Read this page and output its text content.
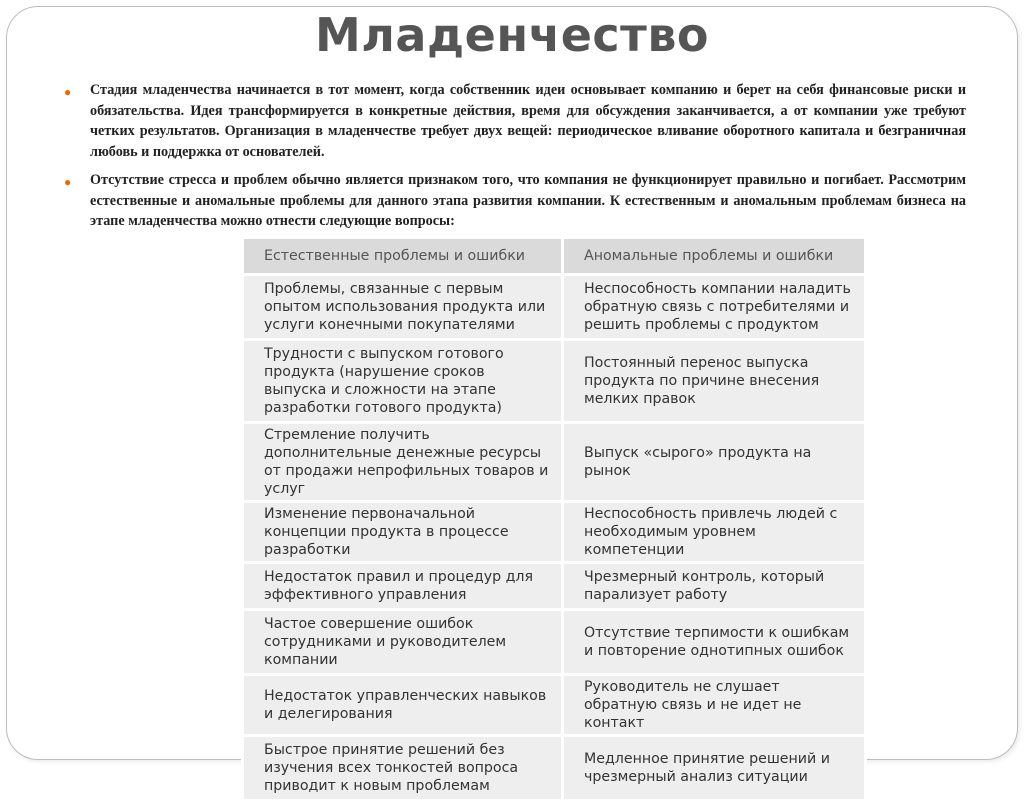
Младенчество
● Стадия младенчества начинается в тот момент, когда собственник идеи основывает компанию и берет на себя финансовые риски и обязательства. Идея трансформируется в конкретные действия, время для обсуждения заканчивается, а от компании уже требуют четких результатов. Организация в младенчестве требует двух вещей: периодическое вливание оборотного капитала и безграничная любовь и поддержка от основателей.
● Отсутствие стресса и проблем обычно является признаком того, что компания не функционирует правильно и погибает. Рассмотрим естественные и аномальные проблемы для данного этапа развития компании. К естественным и аномальным проблемам бизнеса на этапе младенчества можно отнести следующие вопросы:
Естественные проблемы и ошибки	Аномальные проблемы и ошибки
Проблемы, связанные с первым опытом использования продукта или услуги конечными покупателями	Неспособность компании наладить обратную связь с потребителями и решить проблемы с продуктом
Трудности с выпуском готового продукта (нарушение сроков выпуска и сложности на этапе разработки готового продукта)	Постоянный перенос выпуска продукта по причине внесения мелких правок
Стремление получить дополнительные денежные ресурсы от продажи непрофильных товаров и услуг	Выпуск «сырого» продукта на рынок
Изменение первоначальной концепции продукта в процессе разработки	Неспособность привлечь людей с необходимым уровнем компетенции
Недостаток правил и процедур для эффективного управления	Чрезмерный контроль, который парализует работу
Частое совершение ошибок сотрудниками и руководителем компании	Отсутствие терпимости к ошибкам и повторение однотипных ошибок
Недостаток управленческих навыков и делегирования	Руководитель не слушает обратную связь и не идет не контакт
Быстрое принятие решений без изучения всех тонкостей вопроса приводит к новым проблемам	Медленное принятие решений и чрезмерный анализ ситуации
